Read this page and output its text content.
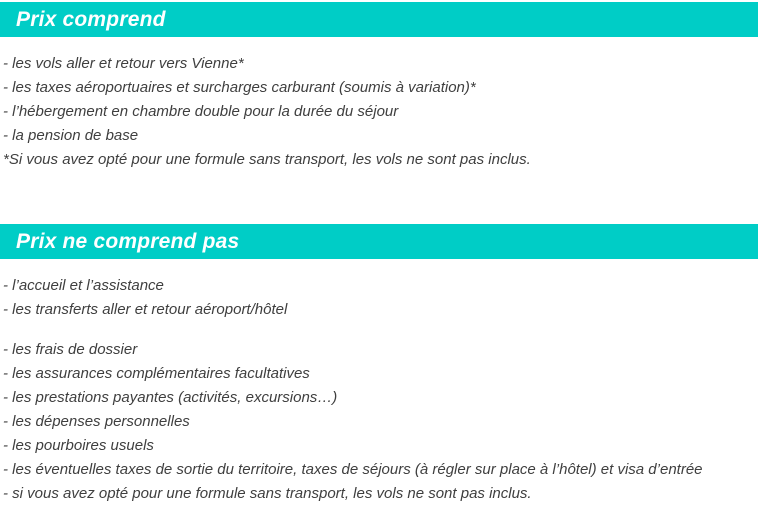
Prix comprend

- les vols aller et retour vers Vienne*

- les taxes aéroportuaires et surcharges carburant (soumis à variation)*

- l’hébergement en chambre double pour la durée du séjour

- la pension de base

*Si vous avez opté pour une formule sans transport, les vols ne sont pas inclus.

Prix ne comprend pas

- l’accueil et l’assistance

- les transferts aller et retour aéroport/hôtel

- les frais de dossier

- les assurances complémentaires facultatives

- les prestations payantes (activités, excursions…)

- les dépenses personnelles

- les pourboires usuels

- les éventuelles taxes de sortie du territoire, taxes de séjours (à régler sur place à l’hôtel) et visa d’entrée

- si vous avez opté pour une formule sans transport, les vols ne sont pas inclus.
